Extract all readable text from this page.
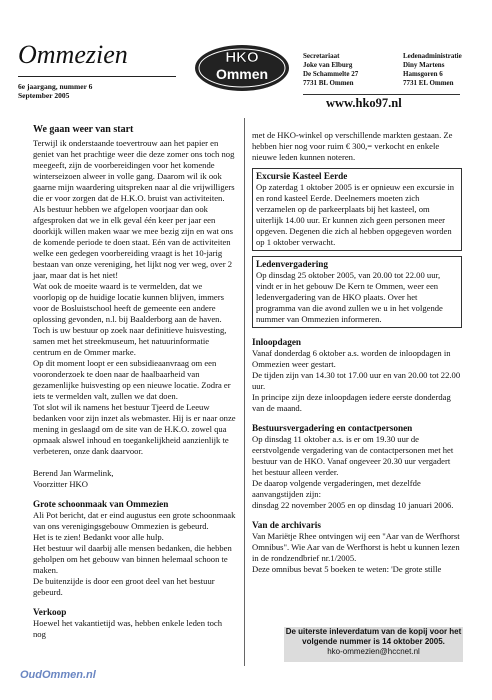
Ommezien
6e jaargang, nummer 6
September 2005
HKO
Ommen
Secretariaat
Joke van Elburg
De Schammelte 27
7731 BL Ommen
Ledenadministratie
Diny Martens
Hamsgoren 6
7731 EL Ommen
www.hko97.nl
We gaan weer van start

Terwijl ik onderstaande toevertrouw aan het papier en geniet van het prachtige weer die deze zomer ons toch nog meegeeft, zijn de voorbereidingen voor het komende winterseizoen alweer in volle gang. Daarom wil ik ook gaarne mijn waardering uitspreken naar al die vrijwilligers die er voor zorgen dat de H.K.O. bruist van activiteiten. Als bestuur hebben we afgelopen voorjaar dan ook afgesproken dat we in elk geval één keer per jaar een doorkijk willen maken waar we mee bezig zijn en wat ons de komende periode te doen staat. Eén van de activiteiten welke een gedegen voorbereiding vraagt is het 10-jarig bestaan van onze vereniging, het lijkt nog ver weg, over 2 jaar, maar dat is het niet!

Wat ook de moeite waard is te vermelden, dat we voorlopig op de huidige locatie kunnen blijven, immers voor de Bosluistschool heeft de gemeente een andere oplossing gevonden, n.l. bij Baalderborg aan de haven.

Toch is uw bestuur op zoek naar definitieve huisvesting, samen met het streekmuseum, het natuurinformatie centrum en de Ommer marke.

Op dit moment loopt er een subsidieaanvraag om een vooronderzoek te doen naar de haalbaarheid van gezamenlijke huisvesting op een nieuwe locatie. Zodra er iets te vermelden valt, zullen we dat doen.

Tot slot wil ik namens het bestuur Tjeerd de Leeuw bedanken voor zijn inzet als webmaster. Hij is er naar onze mening in geslaagd om de site van de H.K.O. zowel qua opmaak alsweI inhoud en toegankelijkheid aanzienlijk te verbeteren, onze dank daarvoor.

Berend Jan Warmelink,

Voorzitter HKO

Grote schoonmaak van Ommezien

Ali Pot bericht, dat er eind augustus een grote schoonmaak van ons verenigingsgebouw Ommezien is gebeurd.

Het is te zien! Bedankt voor alle hulp.

Het bestuur wil daarbij alle mensen bedanken, die hebben geholpen om het gebouw van binnen helemaal schoon te maken.

De buitenzijde is door een groot deel van het bestuur gebeurd.

Verkoop

Hoewel het vakantietijd was, hebben enkele leden toch nog

met de HKO-winkel op verschillende markten gestaan. Ze hebben hier nog voor ruim € 300,= verkocht en enkele nieuwe leden kunnen noteren.

Excursie Kasteel Eerde

Op zaterdag 1 oktober 2005 is er opnieuw een excursie in en rond kasteel Eerde. Deelnemers moeten zich verzamelen op de parkeerplaats bij het kasteel, om uiterlijk 14.00 uur. Er kunnen zich geen personen meer opgeven. Degenen die zich al hebben opgegeven worden op 1 oktober verwacht.

Ledenvergadering

Op dinsdag 25 oktober 2005, van 20.00 tot 22.00 uur, vindt er in het gebouw De Kern te Ommen, weer een ledenvergadering van de HKO plaats. Over het programma van die avond zullen we u in het volgende nummer van Ommezien informeren.

Inloopdagen

Vanaf donderdag 6 oktober a.s. worden de inloopdagen in Ommezien weer gestart.

De tijden zijn van 14.30 tot 17.00 uur en van 20.00 tot 22.00 uur.

In principe zijn deze inloopdagen iedere eerste donderdag van de maand.

Bestuursvergadering en contactpersonen

Op dinsdag 11 oktober a.s. is er om 19.30 uur de eerstvolgende vergadering van de contactpersonen met het bestuur van de HKO. Vanaf ongeveer 20.30 uur vergadert het bestuur alleen verder.

De daarop volgende vergaderingen, met dezelfde aanvangstijden zijn:

dinsdag 22 november 2005 en op dinsdag 10 januari 2006.

Van de archivaris

Van Mariëtje Rhee ontvingen wij een "Aar van de Werfhorst Omnibus". Wie Aar van de Werfhorst is hebt u kunnen lezen in de rondzendbrief nr.1/2005.

Deze omnibus bevat 5 boeken te weten: 'De grote stille

De uiterste inleverdatum van de kopij voor het volgende nummer is 14 oktober 2005.
hko-ommezien@hccnet.nl
OudOmmen.nl
